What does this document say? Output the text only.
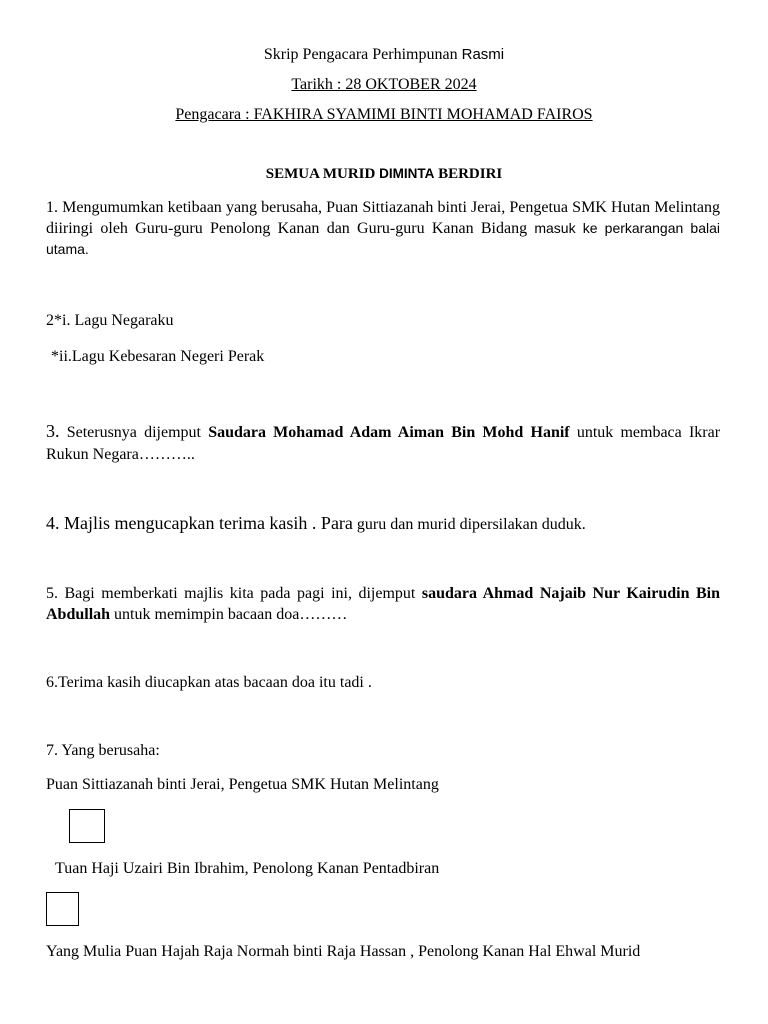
Skrip Pengacara Perhimpunan Rasmi
Tarikh : 28 OKTOBER 2024
Pengacara : FAKHIRA SYAMIMI BINTI MOHAMAD FAIROS
SEMUA MURID DIMINTA BERDIRI

1. Mengumumkan ketibaan yang berusaha, Puan Sittiazanah binti Jerai, Pengetua SMK Hutan Melintang diiringi oleh Guru-guru Penolong Kanan dan Guru-guru Kanan Bidang masuk ke perkarangan balai utama.

2*i. Lagu Negaraku
*ii.Lagu Kebesaran Negeri Perak

3. Seterusnya dijemput Saudara Mohamad Adam Aiman Bin Mohd Hanif untuk membaca Ikrar Rukun Negara………..

4. Majlis mengucapkan terima kasih . Para guru dan murid dipersilakan duduk.

5. Bagi memberkati majlis kita pada pagi ini, dijemput saudara Ahmad Najaib Nur Kairudin Bin Abdullah untuk memimpin bacaan doa………

6.Terima kasih diucapkan atas bacaan doa itu tadi .
7. Yang berusaha:
Puan Sittiazanah binti Jerai, Pengetua SMK Hutan Melintang
Tuan Haji Uzairi Bin Ibrahim, Penolong Kanan Pentadbiran
Yang Mulia Puan Hajah Raja Normah binti Raja Hassan , Penolong Kanan Hal Ehwal Murid
